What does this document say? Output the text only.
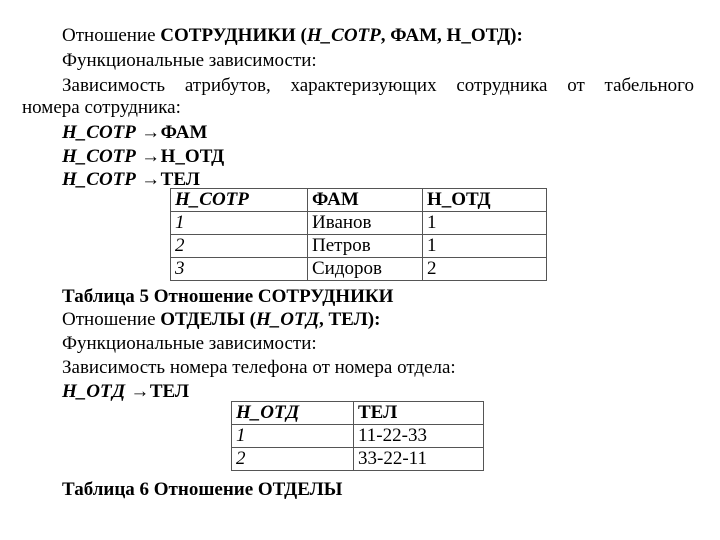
Отношение СОТРУДНИКИ (Н_СОТР, ФАМ, Н_ОТД):
Функциональные зависимости:
Зависимость атрибутов, характеризующих сотрудника от табельного
номера сотрудника:
Н_СОТР →ФАМ
Н_СОТР →Н_ОТД
Н_СОТР →ТЕЛ
Н_СОТР	ФАМ	Н_ОТД
1	Иванов	1
2	Петров	1
3	Сидоров	2
Таблица 5 Отношение СОТРУДНИКИ
Отношение ОТДЕЛЫ (Н_ОТД, ТЕЛ):
Функциональные зависимости:
Зависимость номера телефона от номера отдела:
Н_ОТД →ТЕЛ
Н_ОТД	ТЕЛ
1	11-22-33
2	33-22-11
Таблица 6 Отношение ОТДЕЛЫ
